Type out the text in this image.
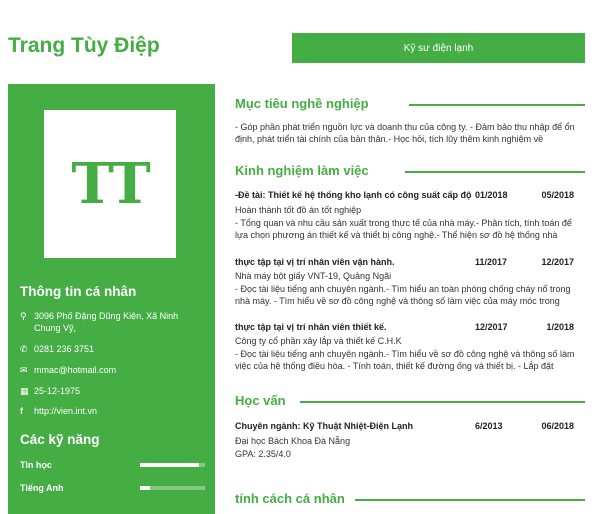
Trang Tùy Điệp	Kỹ sư điện lạnh
TT
Thông tin cá nhân
⚲ 3096 Phố Đặng Dũng Kiện, Xã Ninh Chung Vỹ,
✆ 0281 236 3751
✉ mmac@hotmail.com
▦ 25-12-1975
f	http://vien.int.vn
Các kỹ năng
Tin học
Tiếng Anh
Mục tiêu nghề nghiệp
- Góp phần phát triển nguồn lực và doanh thu của công ty. - Đảm bảo thu nhập để ổn định, phát triển tài chính của bản thân.- Học hỏi, tích lũy thêm kinh nghiệm về
Kinh nghiệm làm việc
-Đề tài: Thiết kế hệ thống kho lạnh có công suất cấp độ 01/2018	05/2018
Hoàn thành tốt đồ án tốt nghiệp
- Tổng quan và nhu cầu sản xuất trong thực tế của nhà máy.- Phân tích, tính toán để lựa chọn phương án thiết kế và thiết bị công nghệ.- Thể hiện sơ đồ hệ thống nhà
thực tập tại vị trí nhân viên vận hành.	11/2017	12/2017
Nhà máy bột giấy VNT-19, Quảng Ngãi
- Đọc tài liệu tiếng anh chuyên ngành.- Tìm hiểu an toàn phòng chống cháy nổ trong nhà máy. - Tìm hiểu về sơ đồ công nghệ và thông số làm việc của máy móc trong
thực tập tại vị trí nhân viên thiết kế.	12/2017	1/2018
Công ty cổ phần xây lắp và thiết kế C.H.K
- Đọc tài liệu tiếng anh chuyên ngành.- Tìm hiểu về sơ đồ công nghệ và thông số làm việc của hệ thống điều hòa. - Tính toán, thiết kế đường ống và thiết bị. - Lắp đặt
Học vấn
Chuyên ngành: Kỹ Thuật Nhiệt-Điện Lạnh	6/2013	06/2018
Đại học Bách Khoa Đà Nẵng
GPA: 2.35/4.0
tính cách cá nhân
